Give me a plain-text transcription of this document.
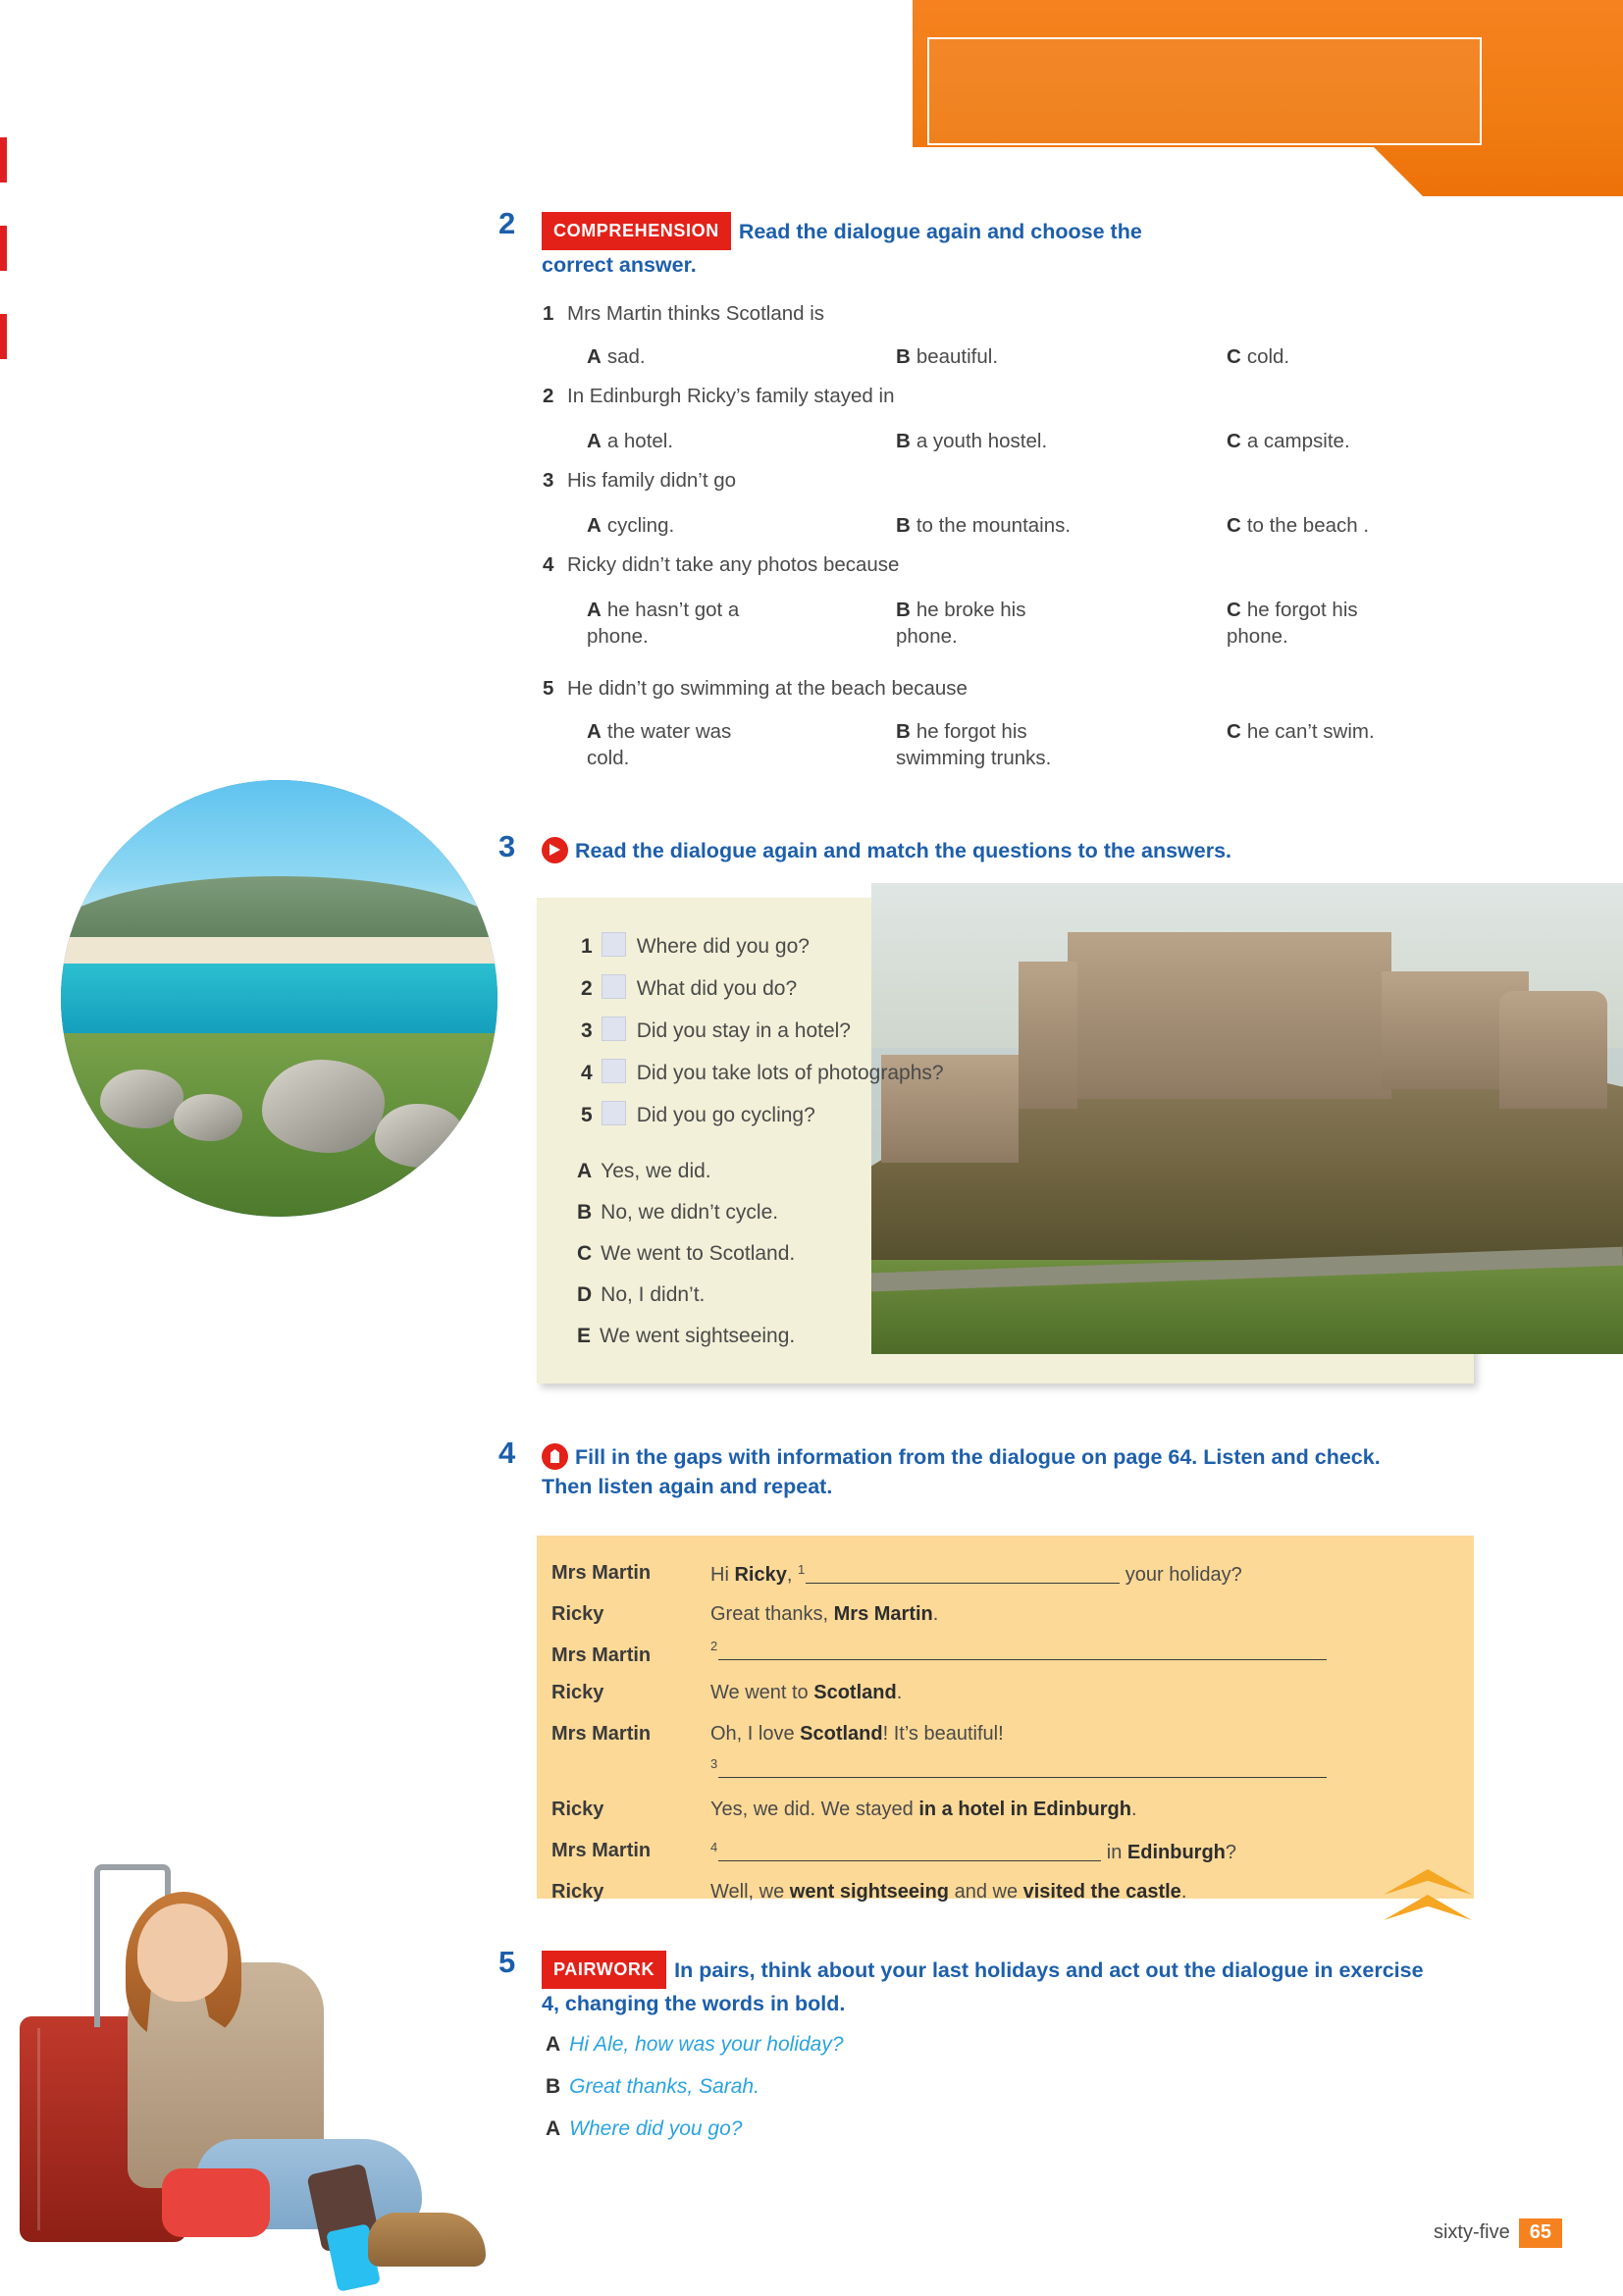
Dialogue 5
2	COMPREHENSION Read the dialogue again and choose the correct answer.
1 Mrs Martin thinks Scotland is
A sad.	B beautiful.	C cold.
2 In Edinburgh Ricky’s family stayed in
A a hotel.	B a youth hostel.	C a campsite.
3 His family didn’t go
A cycling.	B to the mountains.	C to the beach .
4 Ricky didn’t take any photos because
A he hasn’t got a phone.
B he broke his phone.
C he forgot his phone.
5 He didn’t go swimming at the beach because
A the water was cold.
B he forgot his swimming trunks.
C he can’t swim.
3	Read the dialogue again and match the questions to the answers.
1 Where did you go?
2 What did you do?
3 Did you stay in a hotel?
4 Did you take lots of photographs?
5 Did you go cycling?
A Yes, we did.
B No, we didn’t cycle.
C We went to Scotland.
D No, I didn’t.
E We went sightseeing.
4	Fill in the gaps with information from the dialogue on page 64. Listen and check. Then listen again and repeat.
Mrs Martin	Hi Ricky, $^1$	your holiday?
Ricky	Great thanks, Mrs Martin.
Mrs Martin	$^2$
Ricky	We went to Scotland.
Mrs Martin	Oh, I love Scotland! It’s beautiful!
$^3$
Ricky	Yes, we did. We stayed in a hotel in Edinburgh.
Mrs Martin	$^4$	in Edinburgh?
Ricky	Well, we went sightseeing and we visited the castle.
5	PAIRWORK In pairs, think about your last holidays and act out the dialogue in exercise 4, changing the words in bold.
A Hi Ale, how was your holiday?
B Great thanks, Sarah.
A Where did you go?
sixty-five 65
